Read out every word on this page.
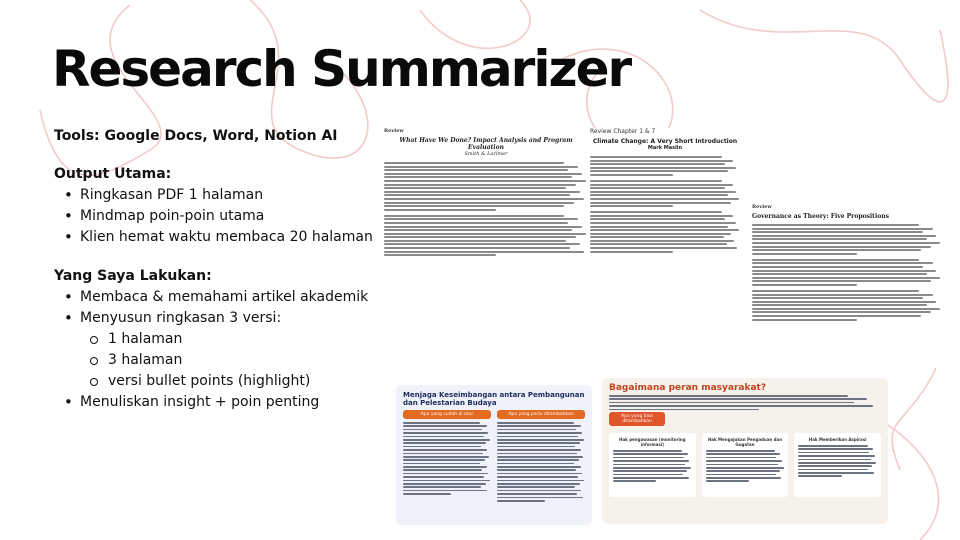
Research Summarizer
Tools: Google Docs, Word, Notion AI
Output Utama:
• Ringkasan PDF 1 halaman
• Mindmap poin-poin utama
• Klien hemat waktu membaca 20 halaman
Yang Saya Lakukan:
• Membaca & memahami artikel akademik
• Menyusun ringkasan 3 versi:
1 halaman
3 halaman
versi bullet points (highlight)
• Menuliskan insight + poin penting
Review
What Have We Done? Impact Analysis and Program Evaluation
Smith & Larimer
Review Chapter 1 & 7
Climate Change: A Very Short Introduction
Mark Maslin
Review
Governance as Theory: Five Propositions
Menjaga Keseimbangan antara Pembangunan dan Pelestarian Budaya
Apa yang sudah di atur	Apa yang perlu ditambahkan
Bagaimana peran masyarakat?
Apa yang bisa ditambahkan
Hak pengawasan (monitoring informasi)
Hak Mengajukan Pengaduan dan Gugatan
Hak Memberikan Aspirasi
